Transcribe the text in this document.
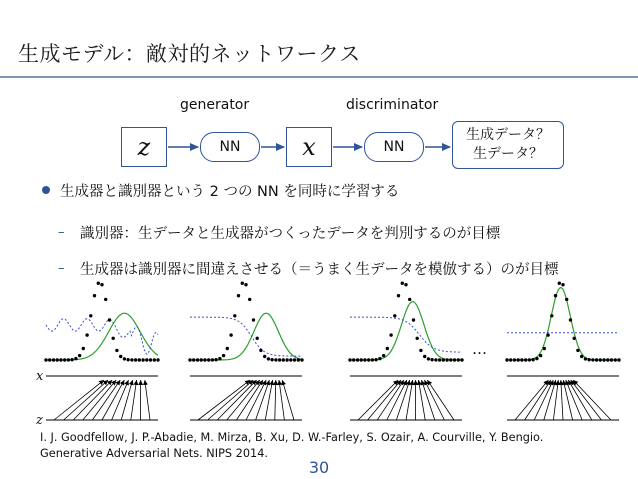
生成モデル：敵対的ネットワークス
generator	discriminator
z	NN	x	NN
生成データ？
生データ？
生成器と識別器という 2 つの NN を同時に学習する
– 識別器：生データと生成器がつくったデータを判別するのが目標
– 生成器は識別器に間違えさせる（＝うまく生データを模倣する）のが目標
…
I. J. Goodfellow, J. P.-Abadie, M. Mirza, B. Xu, D. W.-Farley, S. Ozair, A. Courville, Y. Bengio.
Generative Adversarial Nets. NIPS 2014.
30
x
z
